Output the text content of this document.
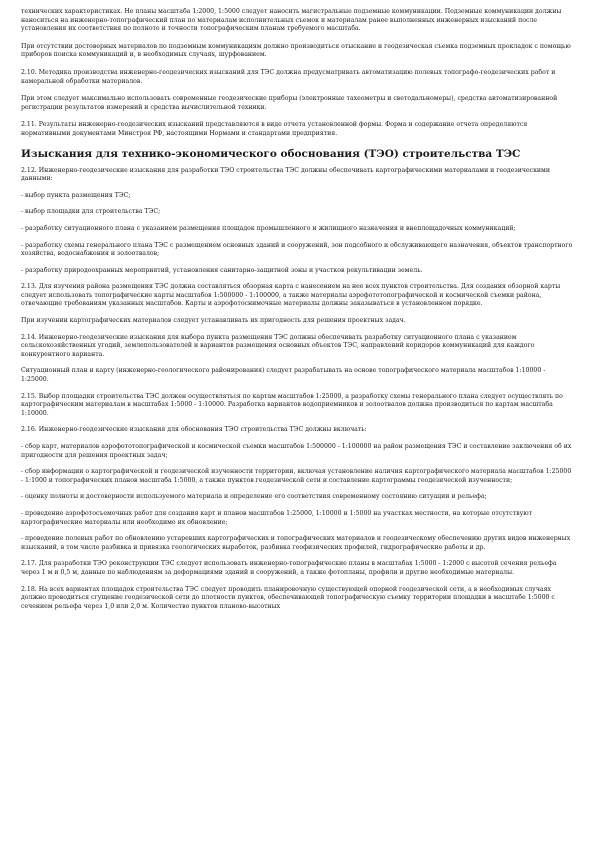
технических характеристиках. Не планы масштаба 1:2000, 1:5000 следует наносить магистральные подземные коммуникации. Подземные коммуникации должны наноситься на инженерно-топографический план по материалам исполнительных съемок и материалам ранее выполненных инженерных изысканий после установления их соответствия по полноте и точности топографическим планам требуемого масштаба.

При отсутствии достоверных материалов по подземным коммуникациям должно производиться отыскание и геодезическая съемка подземных прокладок с помощью приборов поиска коммуникаций и, в необходимых случаях, шурфованием.

2.10. Методика производства инженерно-геодезических изысканий для ТЭС должна предусматривать автоматизацию полевых топографо-геодезических работ и камеральной обработки материалов.

При этом следует максимально использовать современные геодезические приборы (электронные тахеометры и светодальномеры), средства автоматизированной регистрации результатов измерений и средства вычислительной техники.

2.11. Результаты инженерно-геодезических изысканий представляются в виде отчета установленной формы. Форма и содержание отчета определяются нормативными документами Минстроя РФ, настоящими Нормами и стандартами предприятия.

Изыскания для технико-экономического обоснования (ТЭО) строительства ТЭС

2.12. Инженерно-геодезические изыскания для разработки ТЭО строительства ТЭС должны обеспечивать картографическими материалами и геодезическими данными:

- выбор пункта размещения ТЭС;

- выбор площадки для строительства ТЭС;

- разработку ситуационного плана с указанием размещения площадок промышленного и жилищного назначения и внеплощадочных коммуникаций;

- разработку схемы генерального плана ТЭС с размещением основных зданий и сооружений, зон подсобного и обслуживающего назначения, объектов транспортного хозяйства, водоснабжения и золоотвалов;

- разработку природоохранных мероприятий, установления санитарно-защитной зоны и участков рекультивации земель.

2.13. Для изучения района размещения ТЭС должна составляться обзорная карта с нанесением на нее всех пунктов строительства. Для создания обзорной карты следует использовать топографические карты масштабов 1:500000 - 1:100000, а также материалы аэрофототопографической и космической съемки района, отвечающие требованиям указанных масштабов. Карты и аэрофотоснимочные материалы должны заказываться в установленном порядке.

При изучении картографических материалов следует устанавливать их пригодность для решения проектных задач.

2.14. Инженерно-геодезические изыскания для выбора пункта размещения ТЭС должны обеспечивать разработку ситуационного плана с указанием сельскохозяйственных угодий, землепользователей и вариантов размещения основных объектов ТЭС, направлений коридоров коммуникаций для каждого конкурентного варианта.

Ситуационный план и карту (инженерно-геологического районирования) следует разрабатывать на основе топографического материала масштабов 1:10000 - 1:25000.

2.15. Выбор площадки строительства ТЭС должен осуществляться по картам масштабов 1:25000, а разработку схемы генерального плана следует осуществлять по картографическим материалам в масштабах 1:5000 - 1:10000. Разработка вариантов водоприемников и золоотвалов должна производиться по картам масштаба 1:10000.

2.16. Инженерно-геодезические изыскания для обоснования ТЭО строительства ТЭС должны включать:

- сбор карт, материалов аэрофототопографической и космической съемки масштабов 1:500000 - 1:100000 на район размещения ТЭС и составление заключения об их пригодности для решения проектных задач;

- сбор информации о картографической и геодезической изученности территории, включая установление наличия картографического материала масштабов 1:25000 - 1:1000 и топографических планов масштаба 1:5000, а также пунктов геодезической сети и составление картограммы геодезической изученности;

- оценку полноты и достоверности используемого материала и определение его соответствия современному состоянию ситуации и рельефа;

- проведение аэрофотосъемочных работ для создания карт и планов масштабов 1:25000, 1:10000 и 1:5000 на участках местности, на которые отсутствуют картографические материалы или необходимо их обновление;

- проведение полевых работ по обновлению устаревших картографических и топографических материалов и геодезическому обеспечению других видов инженерных изысканий, в том числе разбивка и привязка геологических выработок, разбивка геофизических профилей, гидрографические работы и др.

2.17. Для разработки ТЭО реконструкции ТЭС следует использовать инженерно-топографические планы в масштабах 1:5000 - 1:2000 с высотой сечения рельефа через 1 м и 0,5 м, данные по наблюдениям за деформациями зданий и сооружений, а также фотопланы, профили и другие необходимые материалы.

2.18. На всех вариантах площадок строительства ТЭС следует проводить планировочную существующей опорной геодезической сети, а в необходимых случаях должно проводиться сгущение геодезической сети до плотности пунктов, обеспечивающей топографическую съемку территории площадки в масштабе 1:5000 с сечением рельефа через 1,0 или 2,0 м. Количество пунктов планово-высотных
